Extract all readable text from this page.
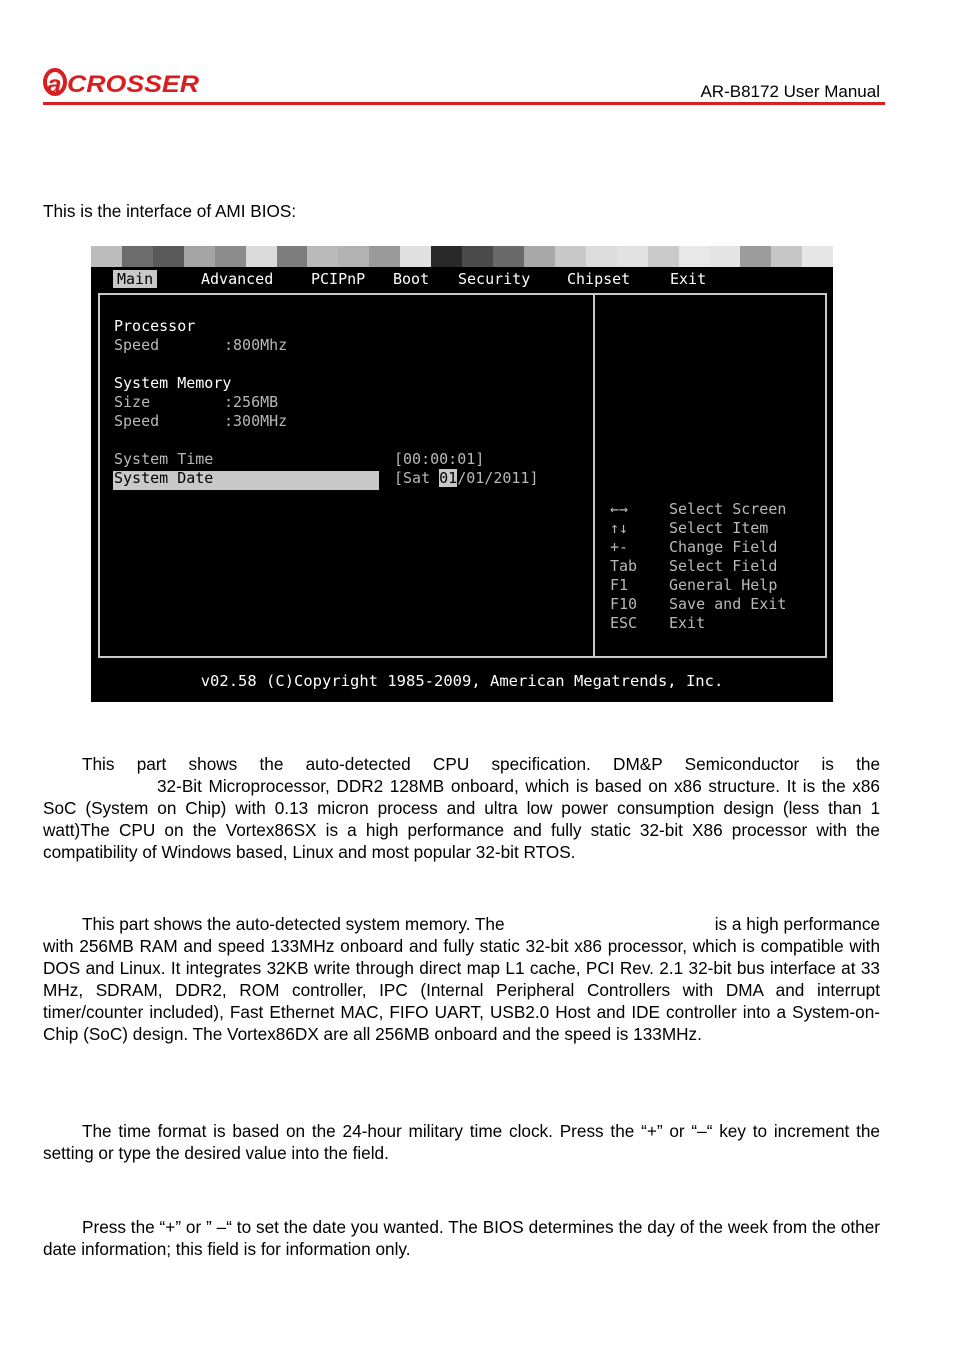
a CROSSER	AR-B8172 User Manual
This is the interface of AMI BIOS:
Main	Advanced	PCIPnP Boot Security Chipset	Exit
Processor
Speed	:800Mhz
System Memory
Size	:256MB
Speed	:300MHz
System Time	[00:00:01]
System Date	[Sat 01/01/2011]
←→	Select Screen
↑↓	Select Item
+-	Change Field
Tab Select Field
F1	General Help
F10 Save and Exit
ESC Exit
v02.58 (C)Copyright 1985-2009, American Megatrends, Inc.
This part shows the auto-detected CPU specification. DM&P Semiconductor is the
32-Bit Microprocessor, DDR2 128MB onboard, which is based on x86 structure. It is the x86 SoC (System on Chip) with 0.13 micron process and ultra low power consumption design (less than 1 watt)The CPU on the Vortex86SX is a high performance and fully static 32-bit X86 processor with the compatibility of Windows based, Linux and most popular 32-bit RTOS.
This part shows the auto-detected system memory. The	is a high performance
with 256MB RAM and speed 133MHz onboard and fully static 32-bit x86 processor, which is compatible with DOS and Linux. It integrates 32KB write through direct map L1 cache, PCI Rev. 2.1 32-bit bus interface at 33 MHz, SDRAM, DDR2, ROM controller, IPC (Internal Peripheral Controllers with DMA and interrupt timer/counter included), Fast Ethernet MAC, FIFO UART, USB2.0 Host and IDE controller into a System-on-Chip (SoC) design. The Vortex86DX are all 256MB onboard and the speed is 133MHz.
The time format is based on the 24-hour military time clock. Press the “+” or “–“ key to increment the setting or type the desired value into the field.
Press the “+” or ” –“ to set the date you wanted. The BIOS determines the day of the week from the other date information; this field is for information only.
